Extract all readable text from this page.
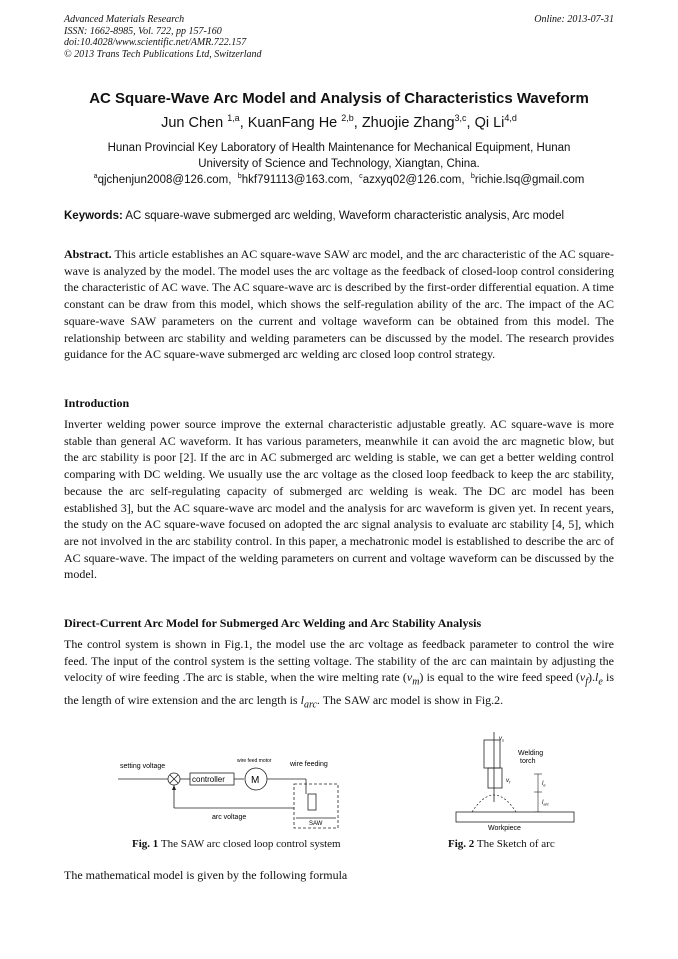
Advanced Materials Research
ISSN: 1662-8985, Vol. 722, pp 157-160
doi:10.4028/www.scientific.net/AMR.722.157
© 2013 Trans Tech Publications Ltd, Switzerland
Online: 2013-07-31
AC Square-Wave Arc Model and Analysis of Characteristics Waveform
Jun Chen $^{1,a}$, KuanFang He $^{2,b}$, Zhuojie Zhang$^{3,c}$, Qi Li$^{4,d}$
Hunan Provincial Key Laboratory of Health Maintenance for Mechanical Equipment, Hunan
University of Science and Technology, Xiangtan, China.
$^a$qjchenjun2008@126.com, $^b$hkf791113@163.com, $^c$azxyq02@126.com, $^b$richie.lsq@gmail.com
Keywords: AC square-wave submerged arc welding, Waveform characteristic analysis, Arc model
Abstract. This article establishes an AC square-wave SAW arc model, and the arc characteristic of the AC square-wave is analyzed by the model. The model uses the arc voltage as the feedback of closed-loop control considering the characteristic of AC wave. The AC square-wave arc is described by the first-order differential equation. A time constant can be draw from this model, which shows the self-regulation ability of the arc. The impact of the AC square-wave SAW parameters on the current and voltage waveform can be obtained from this model. The relationship between arc stability and welding parameters can be discussed by the model. The research provides guidance for the AC square-wave submerged arc welding arc closed loop control strategy.
Introduction
Inverter welding power source improve the external characteristic adjustable greatly. AC square-wave is more stable than general AC waveform. It has various parameters, meanwhile it can avoid the arc magnetic blow, but the arc stability is poor [2]. If the arc in AC submerged arc welding is stable, we can get a better welding control comparing with DC welding. We usually use the arc voltage as the closed loop feedback to keep the arc stability, because the arc self-regulating capacity of submerged arc welding is weak. The DC arc model has been established 3], but the AC square-wave arc model and the analysis for arc waveform is given yet. In recent years, the study on the AC square-wave focused on adopted the arc signal analysis to evaluate arc stability [4, 5], which are not involved in the arc stability control. In this paper, a mechatronic model is established to describe the arc of AC square-wave. The impact of the welding parameters on current and voltage waveform can be discussed by the model.
Direct-Current Arc Model for Submerged Arc Welding and Arc Stability Analysis
The control system is shown in Fig.1, the model use the arc voltage as feedback parameter to control the wire feed. The input of the control system is the setting voltage. The stability of the arc can maintain by adjusting the velocity of wire feeding .The arc is stable, when the wire melting rate $(v_m)$ is equal to the wire feed speed $(v_f).l_e$ is the length of wire extension and the arc length is $l_{arc}$. The SAW arc model is show in Fig.2.
setting voltage
controller	M
wire feed motor	wire feeding
SAW
arc voltage
Fig. 1 The SAW arc closed loop control system
$v_s$
Welding
torch
$v_f$	$l_e$
$l_{arc}$
Workpiece
Fig. 2 The Sketch of arc
The mathematical model is given by the following formula
